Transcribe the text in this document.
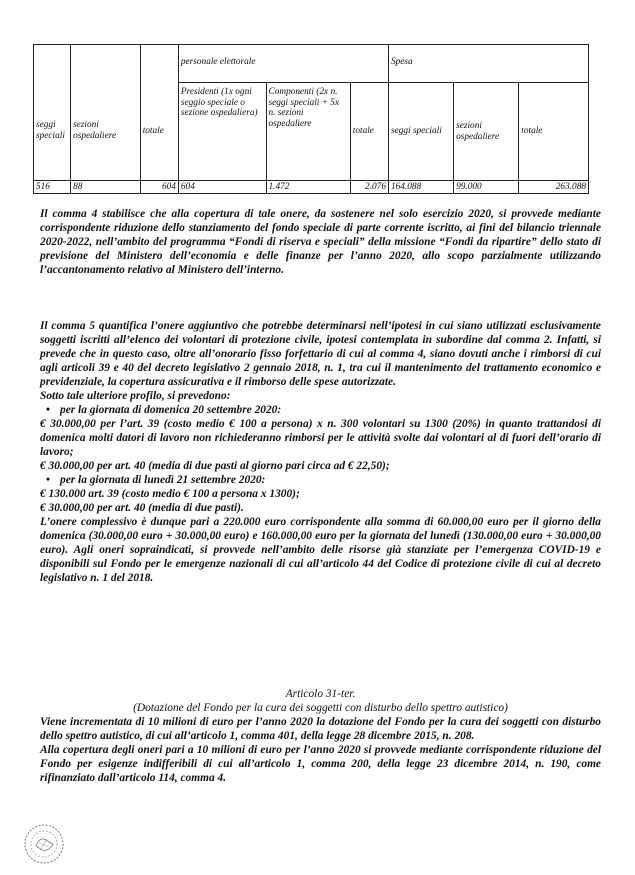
seggi speciali	sezioni ospedaliere	totale	personale elettorale			Spesa		
			Presidenti (1x ogni seggio speciale o sezione ospedaliera)	Componenti (2x n. seggi speciali + 5x n. sezioni ospedaliere	totale	seggi speciali	sezioni ospedaliere	totale
516	88	604	604	1.472	2.076	164.088	99.000	263.088

Il comma 4 stabilisce che alla copertura di tale onere, da sostenere nel solo esercizio 2020, si provvede mediante corrispondente riduzione dello stanziamento del fondo speciale di parte corrente iscritto, ai fini del bilancio triennale 2020-2022, nell’ambito del programma “Fondi di riserva e speciali” della missione “Fondi da ripartire” dello stato di previsione del Ministero dell’economia e delle finanze per l’anno 2020, allo scopo parzialmente utilizzando l’accantonamento relativo al Ministero dell’interno.

Il comma 5 quantifica l’onere aggiuntivo che potrebbe determinarsi nell’ipotesi in cui siano utilizzati esclusivamente soggetti iscritti all’elenco dei volontari di protezione civile, ipotesi contemplata in subordine dal comma 2. Infatti, si prevede che in questo caso, oltre all’onorario fisso forfettario di cui al comma 4, siano dovuti anche i rimborsi di cui agli articoli 39 e 40 del decreto legislativo 2 gennaio 2018, n. 1, tra cui il mantenimento del trattamento economico e previdenziale, la copertura assicurativa e il rimborso delle spese autorizzate.

Sotto tale ulteriore profilo, si prevedono:

• per la giornata di domenica 20 settembre 2020:

€ 30.000,00 per l’art. 39 (costo medio € 100 a persona) x n. 300 volontari su 1300 (20%) in quanto trattandosi di domenica molti datori di lavoro non richiederanno rimborsi per le attività svolte dai volontari al di fuori dell’orario di lavoro;

€ 30.000,00 per art. 40 (media di due pasti al giorno pari circa ad € 22,50);

• per la giornata di lunedì 21 settembre 2020:

€ 130.000 art. 39 (costo medio € 100 a persona x 1300);

€ 30.000,00 per art. 40 (media di due pasti).

L’onere complessivo è dunque pari a 220.000 euro corrispondente alla somma di 60.000,00 euro per il giorno della domenica (30.000,00 euro + 30.000,00 euro) e 160.000,00 euro per la giornata del lunedì (130.000,00 euro + 30.000,00 euro). Agli oneri sopraindicati, si provvede nell’ambito delle risorse già stanziate per l’emergenza COVID-19 e disponibili sul Fondo per le emergenze nazionali di cui all’articolo 44 del Codice di protezione civile di cui al decreto legislativo n. 1 del 2018.

Articolo 31-ter.

(Dotazione del Fondo per la cura dei soggetti con disturbo dello spettro autistico)

Viene incrementata di 10 milioni di euro per l’anno 2020 la dotazione del Fondo per la cura dei soggetti con disturbo dello spettro autistico, di cui all’articolo 1, comma 401, della legge 28 dicembre 2015, n. 208.

Alla copertura degli oneri pari a 10 milioni di euro per l’anno 2020 si provvede mediante corrispondente riduzione del Fondo per esigenze indifferibili di cui all’articolo 1, comma 200, della legge 23 dicembre 2014, n. 190, come rifinanziato dall’articolo 114, comma 4.
